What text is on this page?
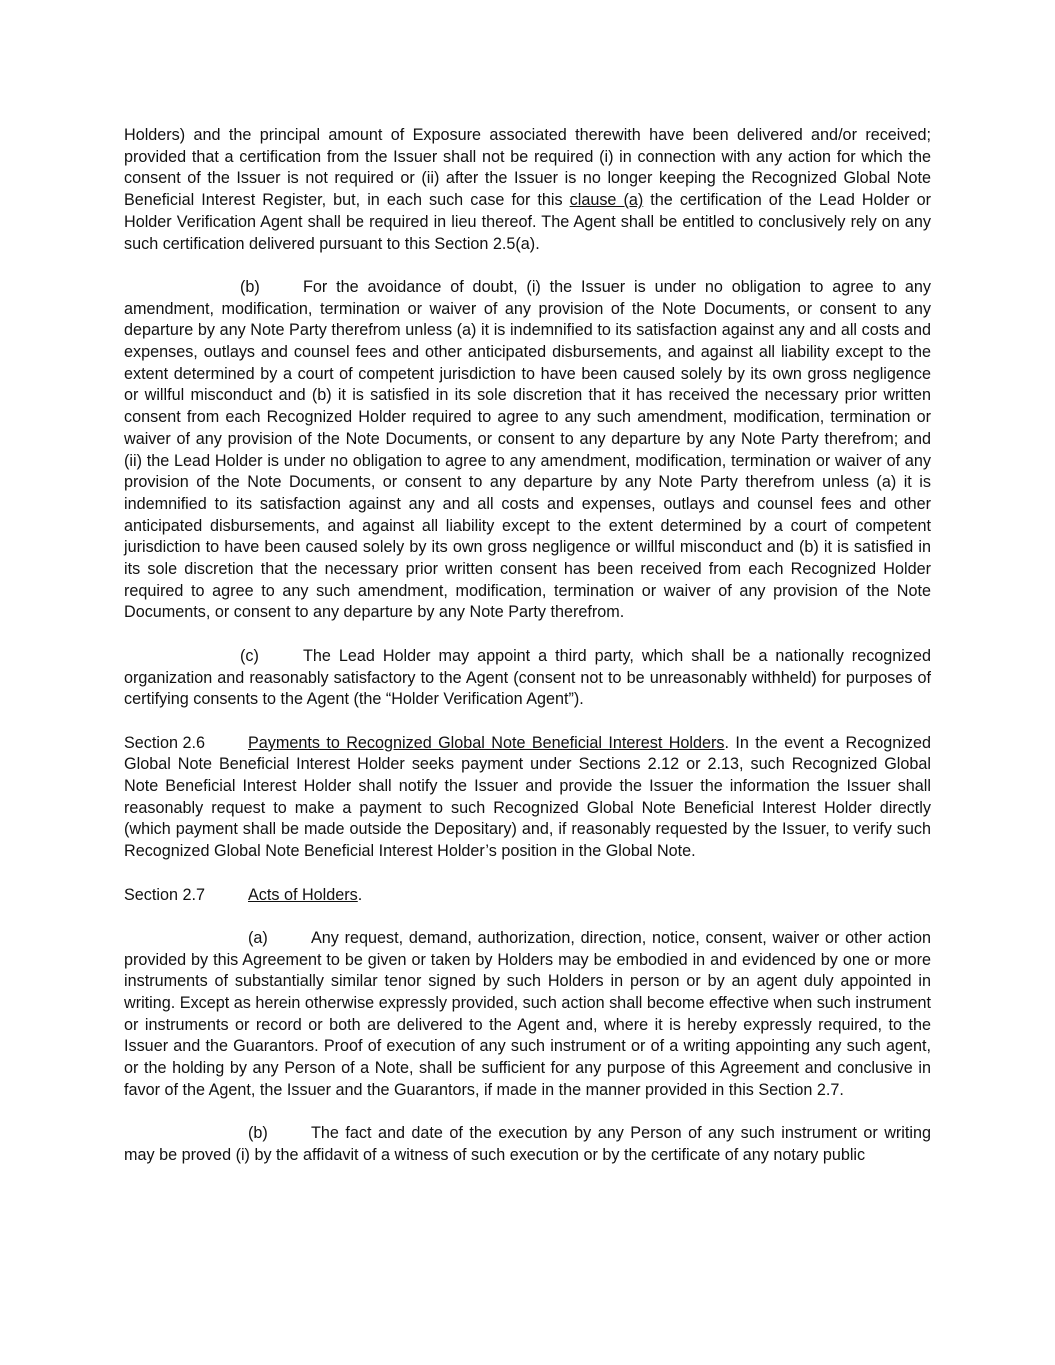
Holders) and the principal amount of Exposure associated therewith have been delivered and/or received; provided that a certification from the Issuer shall not be required (i) in connection with any action for which the consent of the Issuer is not required or (ii) after the Issuer is no longer keeping the Recognized Global Note Beneficial Interest Register, but, in each such case for this clause (a) the certification of the Lead Holder or Holder Verification Agent shall be required in lieu thereof. The Agent shall be entitled to conclusively rely on any such certification delivered pursuant to this Section 2.5(a).

(b)	For the avoidance of doubt, (i) the Issuer is under no obligation to agree to any amendment, modification, termination or waiver of any provision of the Note Documents, or consent to any departure by any Note Party therefrom unless (a) it is indemnified to its satisfaction against any and all costs and expenses, outlays and counsel fees and other anticipated disbursements, and against all liability except to the extent determined by a court of competent jurisdiction to have been caused solely by its own gross negligence or willful misconduct and (b) it is satisfied in its sole discretion that it has received the necessary prior written consent from each Recognized Holder required to agree to any such amendment, modification, termination or waiver of any provision of the Note Documents, or consent to any departure by any Note Party therefrom; and (ii) the Lead Holder is under no obligation to agree to any amendment, modification, termination or waiver of any provision of the Note Documents, or consent to any departure by any Note Party therefrom unless (a) it is indemnified to its satisfaction against any and all costs and expenses, outlays and counsel fees and other anticipated disbursements, and against all liability except to the extent determined by a court of competent jurisdiction to have been caused solely by its own gross negligence or willful misconduct and (b) it is satisfied in its sole discretion that the necessary prior written consent has been received from each Recognized Holder required to agree to any such amendment, modification, termination or waiver of any provision of the Note Documents, or consent to any departure by any Note Party therefrom.

(c)	The Lead Holder may appoint a third party, which shall be a nationally recognized organization and reasonably satisfactory to the Agent (consent not to be unreasonably withheld) for purposes of certifying consents to the Agent (the “Holder Verification Agent”).

Section 2.6	Payments to Recognized Global Note Beneficial Interest Holders. In the event a Recognized Global Note Beneficial Interest Holder seeks payment under Sections 2.12 or 2.13, such Recognized Global Note Beneficial Interest Holder shall notify the Issuer and provide the Issuer the information the Issuer shall reasonably request to make a payment to such Recognized Global Note Beneficial Interest Holder directly (which payment shall be made outside the Depositary) and, if reasonably requested by the Issuer, to verify such Recognized Global Note Beneficial Interest Holder’s position in the Global Note.

Section 2.7	Acts of Holders.

(a)	Any request, demand, authorization, direction, notice, consent, waiver or other action provided by this Agreement to be given or taken by Holders may be embodied in and evidenced by one or more instruments of substantially similar tenor signed by such Holders in person or by an agent duly appointed in writing. Except as herein otherwise expressly provided, such action shall become effective when such instrument or instruments or record or both are delivered to the Agent and, where it is hereby expressly required, to the Issuer and the Guarantors. Proof of execution of any such instrument or of a writing appointing any such agent, or the holding by any Person of a Note, shall be sufficient for any purpose of this Agreement and conclusive in favor of the Agent, the Issuer and the Guarantors, if made in the manner provided in this Section 2.7.

(b)	The fact and date of the execution by any Person of any such instrument or writing may be proved (i) by the affidavit of a witness of such execution or by the certificate of any notary public
